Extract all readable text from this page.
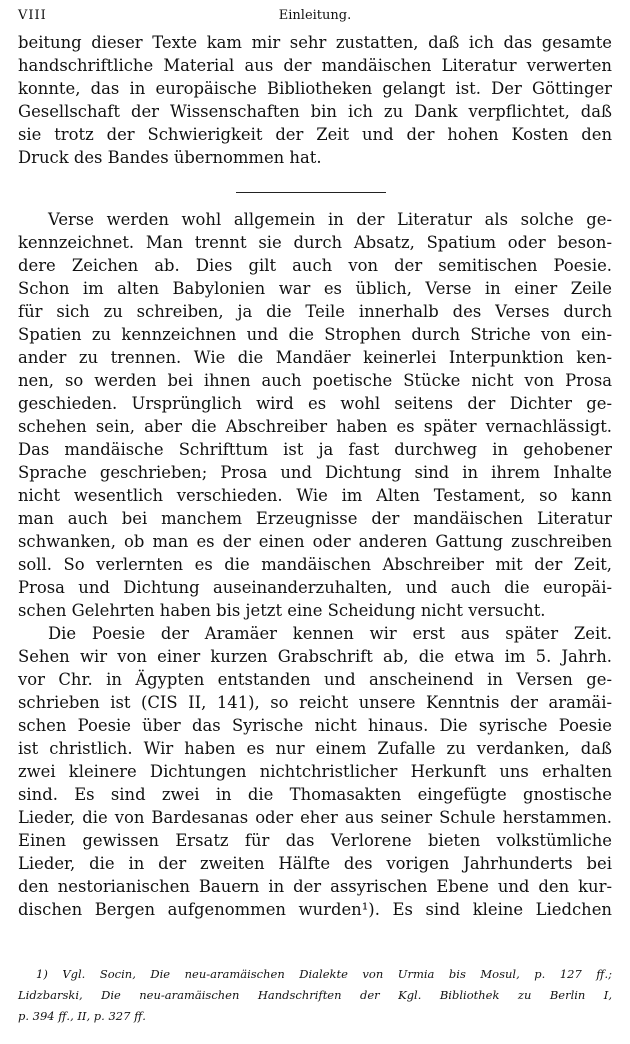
VIII	Einleitung.
beitung dieser Texte kam mir sehr zustatten, daß ich das gesamte
handschriftliche Material aus der mandäischen Literatur verwerten
konnte, das in europäische Bibliotheken gelangt ist. Der Göttinger
Gesellschaft der Wissenschaften bin ich zu Dank verpflichtet, daß
sie trotz der Schwierigkeit der Zeit und der hohen Kosten den
Druck des Bandes übernommen hat.
Verse werden wohl allgemein in der Literatur als solche ge-
kennzeichnet. Man trennt sie durch Absatz, Spatium oder beson-
dere Zeichen ab. Dies gilt auch von der semitischen Poesie.
Schon im alten Babylonien war es üblich, Verse in einer Zeile
für sich zu schreiben, ja die Teile innerhalb des Verses durch
Spatien zu kennzeichnen und die Strophen durch Striche von ein-
ander zu trennen. Wie die Mandäer keinerlei Interpunktion ken-
nen, so werden bei ihnen auch poetische Stücke nicht von Prosa
geschieden. Ursprünglich wird es wohl seitens der Dichter ge-
schehen sein, aber die Abschreiber haben es später vernachlässigt.
Das mandäische Schrifttum ist ja fast durchweg in gehobener
Sprache geschrieben; Prosa und Dichtung sind in ihrem Inhalte
nicht wesentlich verschieden. Wie im Alten Testament, so kann
man auch bei manchem Erzeugnisse der mandäischen Literatur
schwanken, ob man es der einen oder anderen Gattung zuschreiben
soll. So verlernten es die mandäischen Abschreiber mit der Zeit,
Prosa und Dichtung auseinanderzuhalten, und auch die europäi-
schen Gelehrten haben bis jetzt eine Scheidung nicht versucht.
Die Poesie der Aramäer kennen wir erst aus später Zeit.
Sehen wir von einer kurzen Grabschrift ab, die etwa im 5. Jahrh.
vor Chr. in Ägypten entstanden und anscheinend in Versen ge-
schrieben ist (CIS II, 141), so reicht unsere Kenntnis der aramäi-
schen Poesie über das Syrische nicht hinaus. Die syrische Poesie
ist christlich. Wir haben es nur einem Zufalle zu verdanken, daß
zwei kleinere Dichtungen nichtchristlicher Herkunft uns erhalten
sind. Es sind zwei in die Thomasakten eingefügte gnostische
Lieder, die von Bardesanas oder eher aus seiner Schule herstammen.
Einen gewissen Ersatz für das Verlorene bieten volkstümliche
Lieder, die in der zweiten Hälfte des vorigen Jahrhunderts bei
den nestorianischen Bauern in der assyrischen Ebene und den kur-
dischen Bergen aufgenommen wurden¹). Es sind kleine Liedchen
1) Vgl. Socin, Die neu-aramäischen Dialekte von Urmia bis Mosul, p. 127 ff.;
Lidzbarski, Die neu-aramäischen Handschriften der Kgl. Bibliothek zu Berlin I,
p. 394 ff., II, p. 327 ff.
